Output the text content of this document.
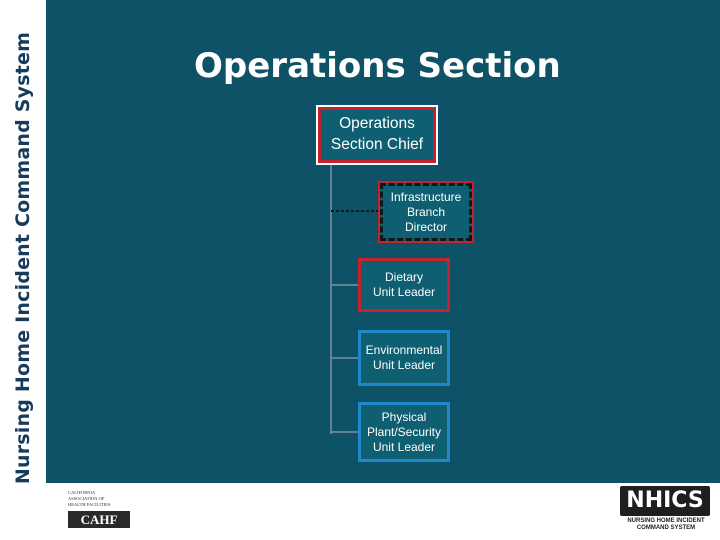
Nursing Home Incident Command System	Operations Section
Operations
Section Chief
Infrastructure
Branch
Director
Dietary
Unit Leader
Environmental
Unit Leader
Physical
Plant/Security
Unit Leader
CALIFORNIA
ASSOCIATION OF
HEALTH FACILITIES
CAHF
NHICS
NURSING HOME INCIDENT
COMMAND SYSTEM
